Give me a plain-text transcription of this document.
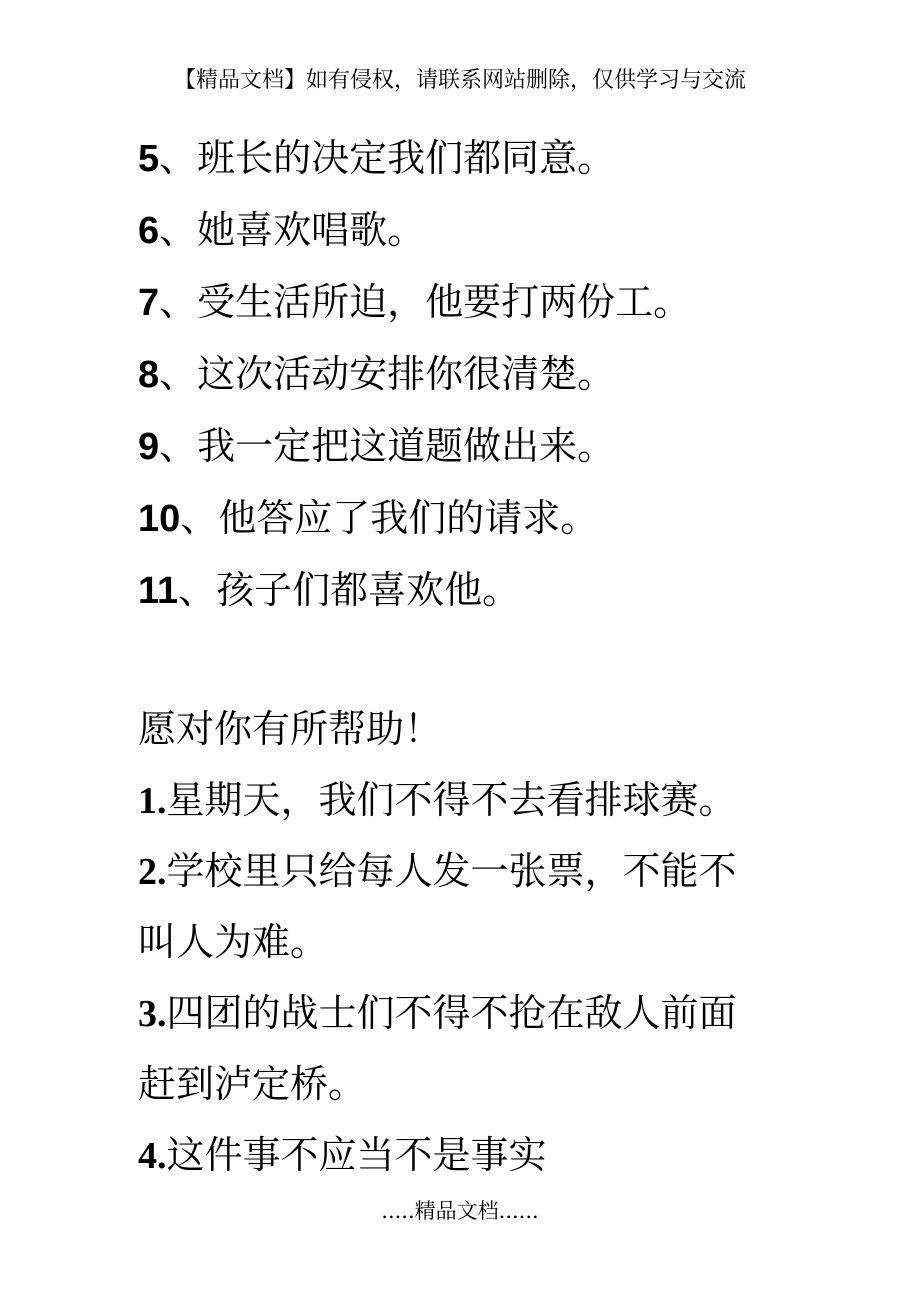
【精品文档】如有侵权，请联系网站删除，仅供学习与交流
5、班长的决定我们都同意。
6、她喜欢唱歌。
7、受生活所迫，他要打两份工。
8、这次活动安排你很清楚。
9、我一定把这道题做出来。
10、他答应了我们的请求。
11、孩子们都喜欢他。
愿对你有所帮助！
1.星期天，我们不得不去看排球赛。
2.学校里只给每人发一张票，不能不
叫人为难。
3.四团的战士们不得不抢在敌人前面
赶到泸定桥。
4.这件事不应当不是事实
.....精品文档......
